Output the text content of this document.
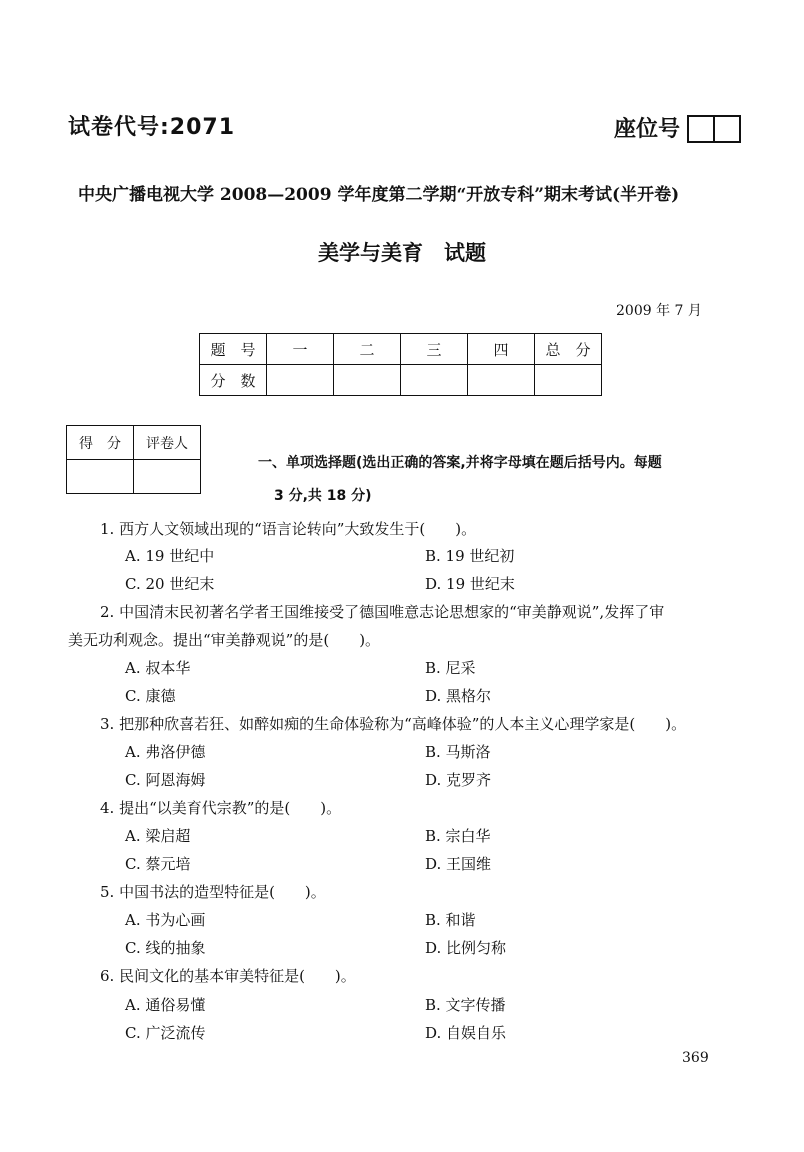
试卷代号:2071	座位号
中央广播电视大学 2008—2009 学年度第二学期“开放专科”期末考试(半开卷)
美学与美育　试题
2009 年 7 月
题　号	一	二	三	四	总　分
分　数					
得　分	评卷人

一、单项选择题(选出正确的答案,并将字母填在题后括号内。每题
3 分,共 18 分)
1. 西方人文领域出现的“语言论转向”大致发生于(　　)。
A. 19 世纪中	B. 19 世纪初
C. 20 世纪末	D. 19 世纪末
2. 中国清末民初著名学者王国维接受了德国唯意志论思想家的“审美静观说”,发挥了审
美无功利观念。提出“审美静观说”的是(　　)。
A. 叔本华	B. 尼采
C. 康德	D. 黑格尔
3. 把那种欣喜若狂、如醉如痴的生命体验称为“高峰体验”的人本主义心理学家是(　　)。
A. 弗洛伊德	B. 马斯洛
C. 阿恩海姆	D. 克罗齐
4. 提出“以美育代宗教”的是(　　)。
A. 梁启超	B. 宗白华
C. 蔡元培	D. 王国维
5. 中国书法的造型特征是(　　)。
A. 书为心画	B. 和谐
C. 线的抽象	D. 比例匀称
6. 民间文化的基本审美特征是(　　)。
A. 通俗易懂	B. 文字传播
C. 广泛流传	D. 自娱自乐
369
